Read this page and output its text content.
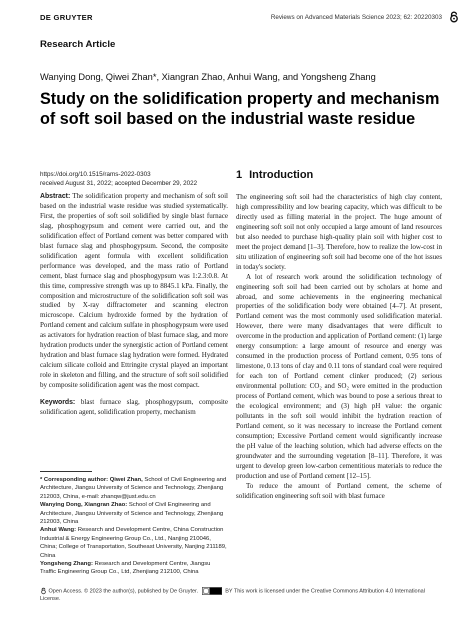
DE GRUYTER	Reviews on Advanced Materials Science 2023; 62: 20220303
Research Article
Wanying Dong, Qiwei Zhan*, Xiangran Zhao, Anhui Wang, and Yongsheng Zhang
Study on the solidification property and mechanism of soft soil based on the industrial waste residue
https://doi.org/10.1515/rams-2022-0303
received August 31, 2022; accepted December 29, 2022
1 Introduction

Abstract: The solidification property and mechanism of soft soil based on the industrial waste residue was studied systematically. First, the properties of soft soil solidified by single blast furnace slag, phosphogypsum and cement were carried out, and the solidification effect of Portland cement was better compared with blast furnace slag and phosphogypsum. Second, the composite solidification agent formula with excellent solidification performance was developed, and the mass ratio of Portland cement, blast furnace slag and phosphogypsum was 1:2.3:0.8. At this time, compressive strength was up to 8845.1 kPa. Finally, the composition and microstructure of the solidification soft soil was studied by X-ray diffractometer and scanning electron microscope. Calcium hydroxide formed by the hydration of Portland cement and calcium sulfate in phosphogypsum were used as activators for hydration reaction of blast furnace slag, and more hydration products under the synergistic action of Portland cement hydration and blast furnace slag hydration were formed. Hydrated calcium silicate colloid and Ettringite crystal played an important role in skeleton and filling, and the structure of soft soil solidified by composite solidification agent was the most compact.

Keywords: blast furnace slag, phosphogypsum, composite solidification agent, solidification property, mechanism

* Corresponding author: Qiwei Zhan, School of Civil Engineering and Architecture, Jiangsu University of Science and Technology, Zhenjiang 212003, China, e-mail: zhanqw@just.edu.cn

Wanying Dong, Xiangran Zhao: School of Civil Engineering and Architecture, Jiangsu University of Science and Technology, Zhenjiang 212003, China

Anhui Wang: Research and Development Centre, China Construction Industrial & Energy Engineering Group Co., Ltd., Nanjing 210046, China; College of Transportation, Southeast University, Nanjing 211189, China

Yongsheng Zhang: Research and Development Centre, Jiangsu Traffic Engineering Group Co., Ltd, Zhenjiang 212100, China

The engineering soft soil had the characteristics of high clay content, high compressibility and low bearing capacity, which was difficult to be directly used as filling material in the project. The huge amount of engineering soft soil not only occupied a large amount of land resources but also needed to purchase high-quality plain soil with higher cost to meet the project demand [1–3]. Therefore, how to realize the low-cost in situ utilization of engineering soft soil had become one of the hot issues in today's society.

A lot of research work around the solidification technology of engineering soft soil had been carried out by scholars at home and abroad, and some achievements in the engineering mechanical properties of the solidification body were obtained [4–7]. At present, Portland cement was the most commonly used solidification material. However, there were many disadvantages that were difficult to overcome in the production and application of Portland cement: (1) large energy consumption: a large amount of resource and energy was consumed in the production process of Portland cement, 0.95 tons of limestone, 0.13 tons of clay and 0.11 tons of standard coal were required for each ton of Portland cement clinker produced; (2) serious environmental pollution: CO₂ and SO₂ were emitted in the production process of Portland cement, which was bound to pose a serious threat to the ecological environment; and (3) high pH value: the organic pollutants in the soft soil would inhibit the hydration reaction of Portland cement, so it was necessary to increase the Portland cement consumption; Excessive Portland cement would significantly increase the pH value of the leaching solution, which had adverse effects on the groundwater and the surrounding vegetation [8–11]. Therefore, it was urgent to develop green low-carbon cementitious materials to reduce the production and use of Portland cement [12–15].

To reduce the amount of Portland cement, the scheme of solidification engineering soft soil with blast furnace

Open Access. © 2023 the author(s), published by De Gruyter.	BY This work is licensed under the Creative Commons Attribution 4.0 International License.
